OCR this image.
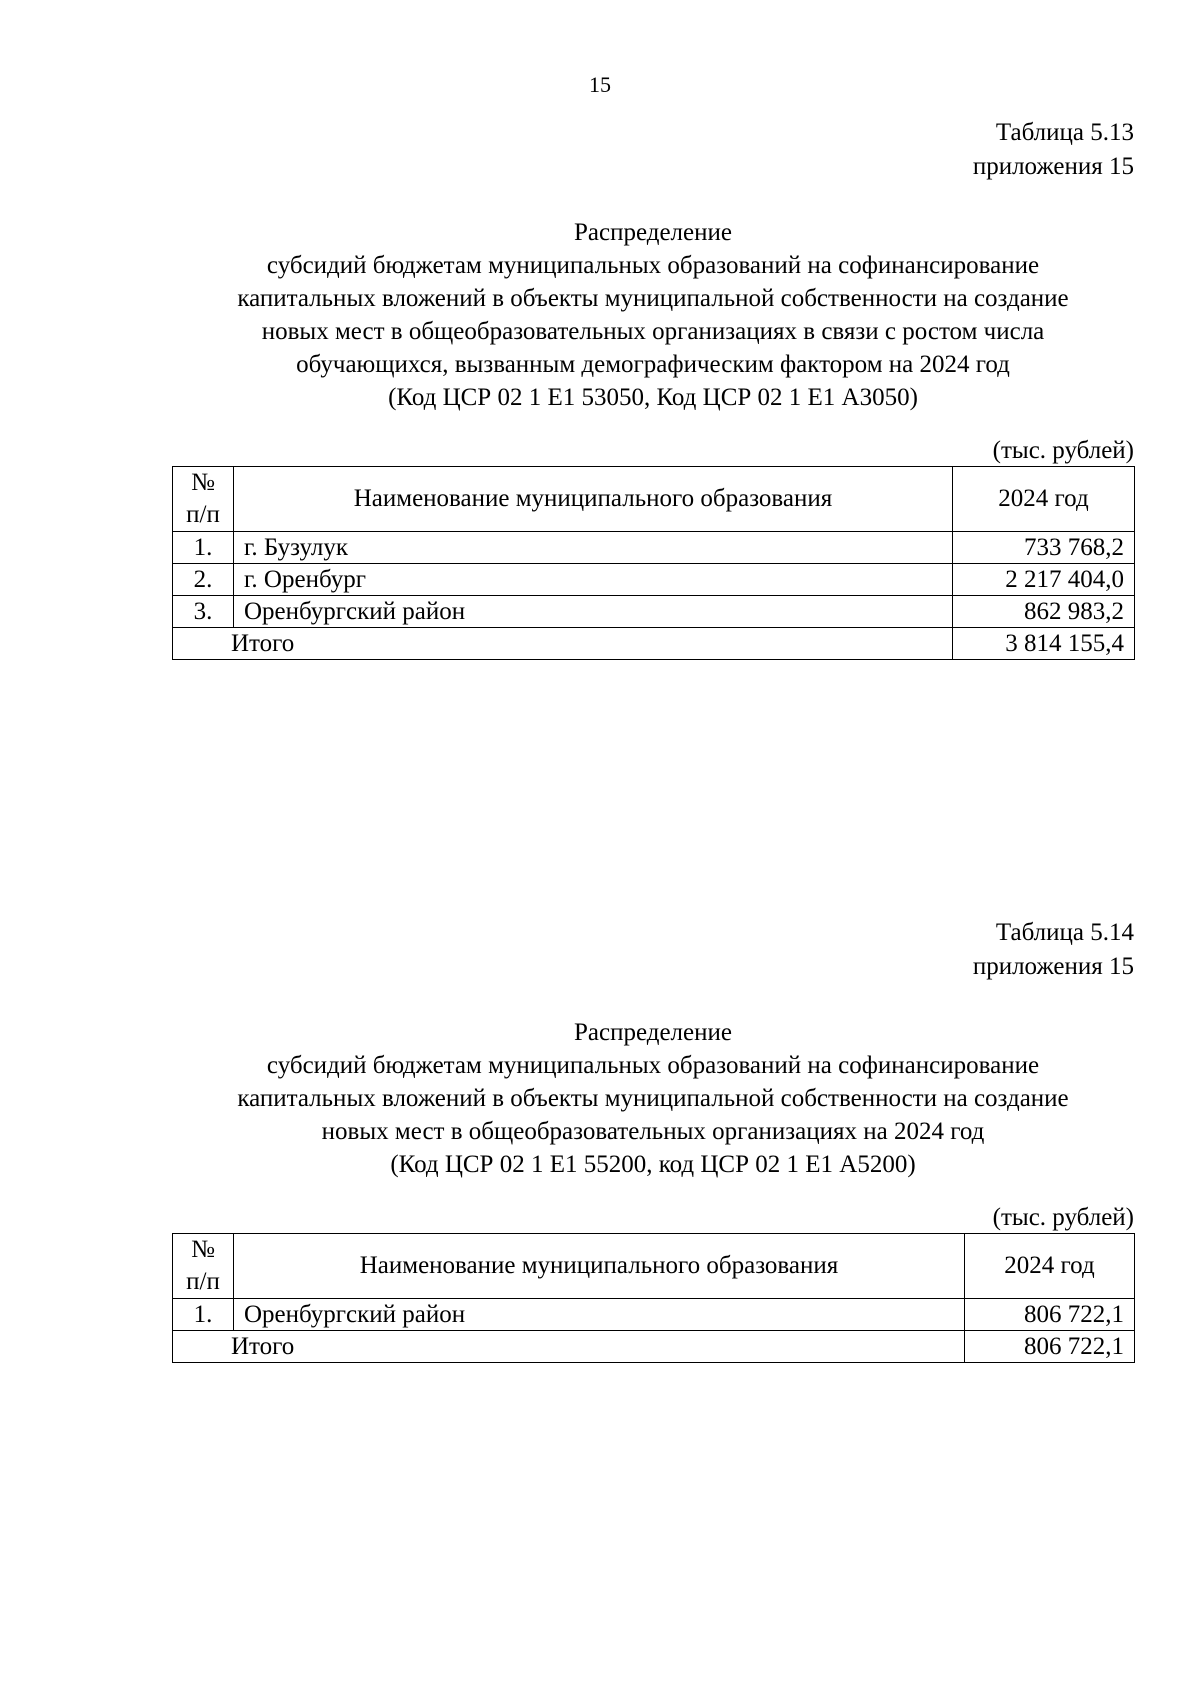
15
Таблица 5.13
приложения 15
Распределение
субсидий бюджетам муниципальных образований на софинансирование
капитальных вложений в объекты муниципальной собственности на создание
новых мест в общеобразовательных организациях в связи с ростом числа
обучающихся, вызванным демографическим фактором на 2024 год
(Код ЦСР 02 1 Е1 53050, Код ЦСР 02 1 Е1 А3050)
(тыс. рублей)
№
п/п	Наименование муниципального образования	2024 год
1.	г. Бузулук	733 768,2
2.	г. Оренбург	2 217 404,0
3.	Оренбургский район	862 983,2
Итого		3 814 155,4
Таблица 5.14
приложения 15
Распределение
субсидий бюджетам муниципальных образований на софинансирование
капитальных вложений в объекты муниципальной собственности на создание
новых мест в общеобразовательных организациях на 2024 год
(Код ЦСР 02 1 Е1 55200, код ЦСР 02 1 Е1 А5200)
(тыс. рублей)
№
п/п	Наименование муниципального образования	2024 год
1.	Оренбургский район	806 722,1
Итого		806 722,1
